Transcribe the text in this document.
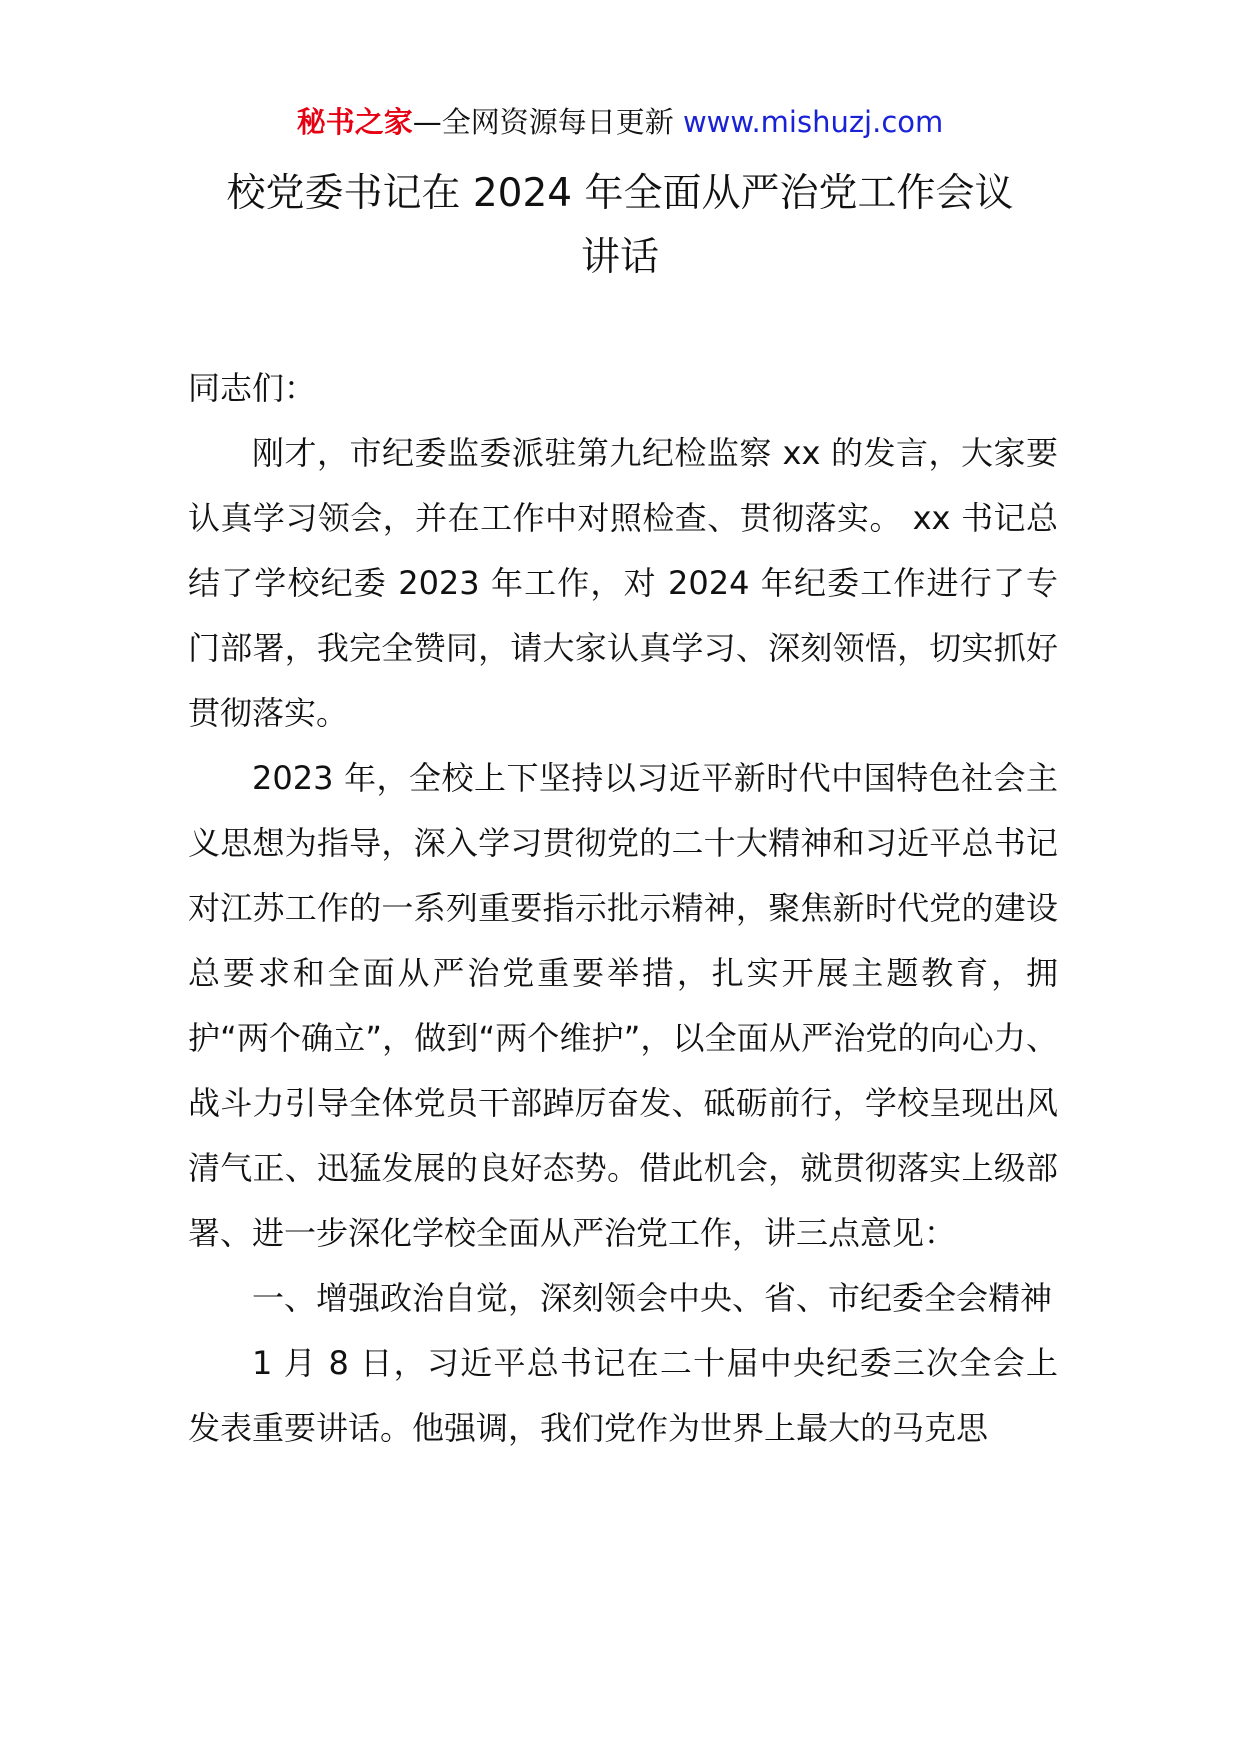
秘书之家—全网资源每日更新 www.mishuzj.com
校党委书记在 2024 年全面从严治党工作会议
讲话

同志们：

刚才，市纪委监委派驻第九纪检监察 xx 的发言，大家要认真学习领会，并在工作中对照检查、贯彻落实。 xx 书记总结了学校纪委 2023 年工作，对 2024 年纪委工作进行了专门部署，我完全赞同，请大家认真学习、深刻领悟，切实抓好贯彻落实。

2023 年，全校上下坚持以习近平新时代中国特色社会主义思想为指导，深入学习贯彻党的二十大精神和习近平总书记对江苏工作的一系列重要指示批示精神，聚焦新时代党的建设总要求和全面从严治党重要举措，扎实开展主题教育，拥护“两个确立”，做到“两个维护”，以全面从严治党的向心力、战斗力引导全体党员干部踔厉奋发、砥砺前行，学校呈现出风清气正、迅猛发展的良好态势。借此机会，就贯彻落实上级部署、进一步深化学校全面从严治党工作，讲三点意见：

一、增强政治自觉，深刻领会中央、省、市纪委全会精神

1 月 8 日，习近平总书记在二十届中央纪委三次全会上发表重要讲话。他强调，我们党作为世界上最大的马克思
